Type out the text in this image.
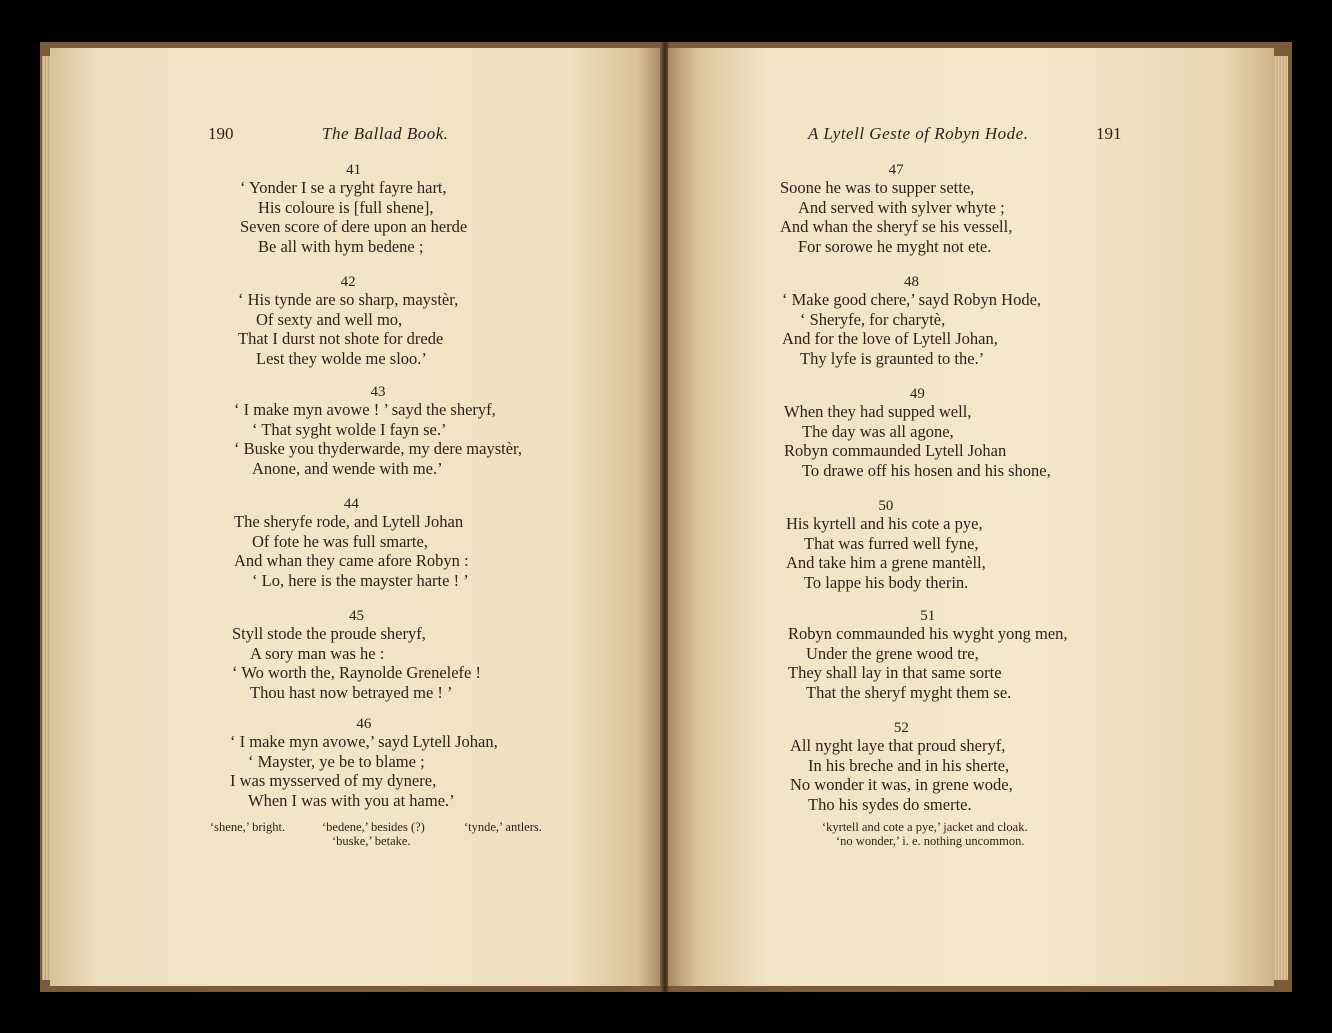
190	The Ballad Book.
41
‘ Yonder I se a ryght fayre hart,
His coloure is [full shene],
Seven score of dere upon an herde
Be all with hym bedene ;
42
‘ His tynde are so sharp, maystèr,
Of sexty and well mo,
That I durst not shote for drede
Lest they wolde me sloo.’
43
‘ I make myn avowe ! ’ sayd the sheryf,
‘ That syght wolde I fayn se.’
‘ Buske you thyderwarde, my dere maystèr,
Anone, and wende with me.’
44
The sheryfe rode, and Lytell Johan
Of fote he was full smarte,
And whan they came afore Robyn :
‘ Lo, here is the mayster harte ! ’
45
Styll stode the proude sheryf,
A sory man was he :
‘ Wo worth the, Raynolde Grenelefe !
Thou hast now betrayed me ! ’
46
‘ I make myn avowe,’ sayd Lytell Johan,
‘ Mayster, ye be to blame ;
I was mysserved of my dynere,
When I was with you at hame.’
‘shene,’ bright.	‘bedene,’ besides (?)	‘tynde,’ antlers.
‘buske,’ betake.
A Lytell Geste of Robyn Hode.	191
47
Soone he was to supper sette,
And served with sylver whyte ;
And whan the sheryf se his vessell,
For sorowe he myght not ete.
48
‘ Make good chere,’ sayd Robyn Hode,
‘ Sheryfe, for charytè,
And for the love of Lytell Johan,
Thy lyfe is graunted to the.’
49
When they had supped well,
The day was all agone,
Robyn commaunded Lytell Johan
To drawe off his hosen and his shone,
50
His kyrtell and his cote a pye,
That was furred well fyne,
And take him a grene mantèll,
To lappe his body therin.
51
Robyn commaunded his wyght yong men,
Under the grene wood tre,
They shall lay in that same sorte
That the sheryf myght them se.
52
All nyght laye that proud sheryf,
In his breche and in his sherte,
No wonder it was, in grene wode,
Tho his sydes do smerte.
‘kyrtell and cote a pye,’ jacket and cloak.
‘no wonder,’ i. e. nothing uncommon.
